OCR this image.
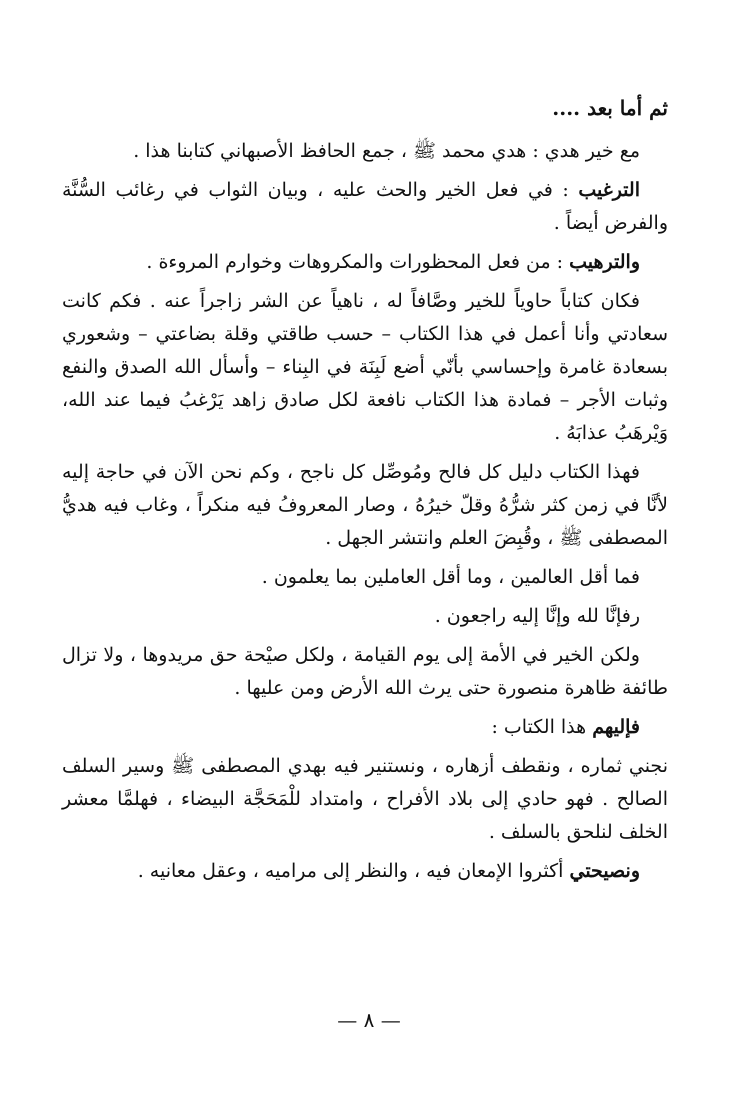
ثم أما بعد ....

مع خير هدي : هدي محمد ﷺ ، جمع الحافظ الأصبهاني كتابنا هذا .

الترغيب : في فعل الخير والحث عليه ، وبيان الثواب في رغائب السُّنَّة والفرض أيضاً .

والترهيب : من فعل المحظورات والمكروهات وخوارم المروءة .

فكان كتاباً حاوياً للخير وصَّافاً له ، ناهياً عن الشر زاجراً عنه . فكم كانت سعادتي وأنا أعمل في هذا الكتاب – حسب طاقتي وقلة بضاعتي – وشعوري بسعادة غامرة وإحساسي بأنّي أضع لَبِنَة في البِناء – وأسأل الله الصدق والنفع وثبات الأجر – فمادة هذا الكتاب نافعة لكل صادق زاهد يَرْغبُ فيما عند الله، وَيْرهَبُ عذابَهُ .

فهذا الكتاب دليل كل فالح ومُوصِّل كل ناجح ، وكم نحن الآن في حاجة إليه لأنَّا في زمن كثر شرُّهُ وقلّ خيرُهُ ، وصار المعروفُ فيه منكراً ، وغاب فيه هديُّ المصطفى ﷺ ، وقُبِضَ العلم وانتشر الجهل .

فما أقل العالمين ، وما أقل العاملين بما يعلمون .

رفإنَّا لله وإنَّا إليه راجعون .

ولكن الخير في الأمة إلى يوم القيامة ، ولكل صيْحة حق مريدوها ، ولا تزال طائفة ظاهرة منصورة حتى يرث الله الأرض ومن عليها .

فإليهم هذا الكتاب :

نجني ثماره ، ونقطف أزهاره ، ونستنير فيه بهدي المصطفى ﷺ وسير السلف الصالح . فهو حادي إلى بلاد الأفراح ، وامتداد للْمَحَجَّة البيضاء ، فهلمَّا معشر الخلف لنلحق بالسلف .

ونصيحتي أكثروا الإمعان فيه ، والنظر إلى مراميه ، وعقل معانيه .

— ٨ —
